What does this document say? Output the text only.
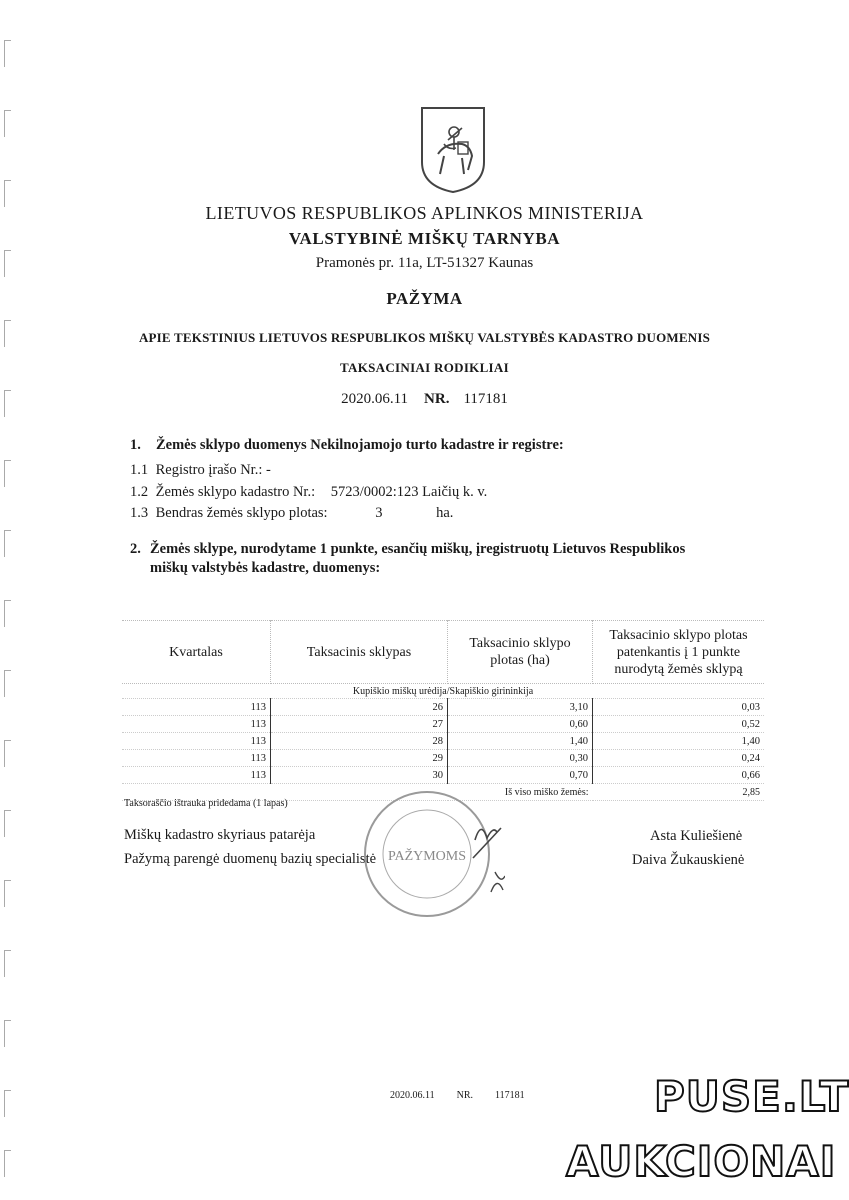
LIETUVOS RESPUBLIKOS APLINKOS MINISTERIJA
VALSTYBINĖ MIŠKŲ TARNYBA
Pramonės pr. 11a, LT-51327 Kaunas
PAŽYMA
APIE TEKSTINIUS LIETUVOS RESPUBLIKOS MIŠKŲ VALSTYBĖS KADASTRO DUOMENIS
TAKSACINIAI RODIKLIAI
2020.06.11 NR. 117181
1. Žemės sklypo duomenys Nekilnojamojo turto kadastre ir registre:
1.1 Registro įrašo Nr.: -
1.2 Žemės sklypo kadastro Nr.: 5723/0002:123 Laičių k. v.
1.3 Bendras žemės sklypo plotas:	3	ha.
2. Žemės sklype, nurodytame 1 punkte, esančių miškų, įregistruotų Lietuvos Respublikos
miškų valstybės kadastre, duomenys:
Kvartalas	Taksacinis sklypas	Taksacinio sklypo plotas (ha)	Taksacinio sklypo plotas patenkantis į 1 punkte nurodytą žemės sklypą
Kupiškio miškų urėdija/Skapiškio girininkija			
113	26	3,10	0,03
113	27	0,60	0,52
113	28	1,40	1,40
113	29	0,30	0,24
113	30	0,70	0,66
Iš viso miško žemės:			2,85
Taksoraščio ištrauka pridedama (1 lapas)
Miškų kadastro skyriaus patarėja	Asta Kuliešienė
Pažymą parengė duomenų bazių specialistė	Daiva Žukauskienė
PAŽYMOMS
2020.06.11 NR. 117181	PUSE.LT
AUKCIONAI
